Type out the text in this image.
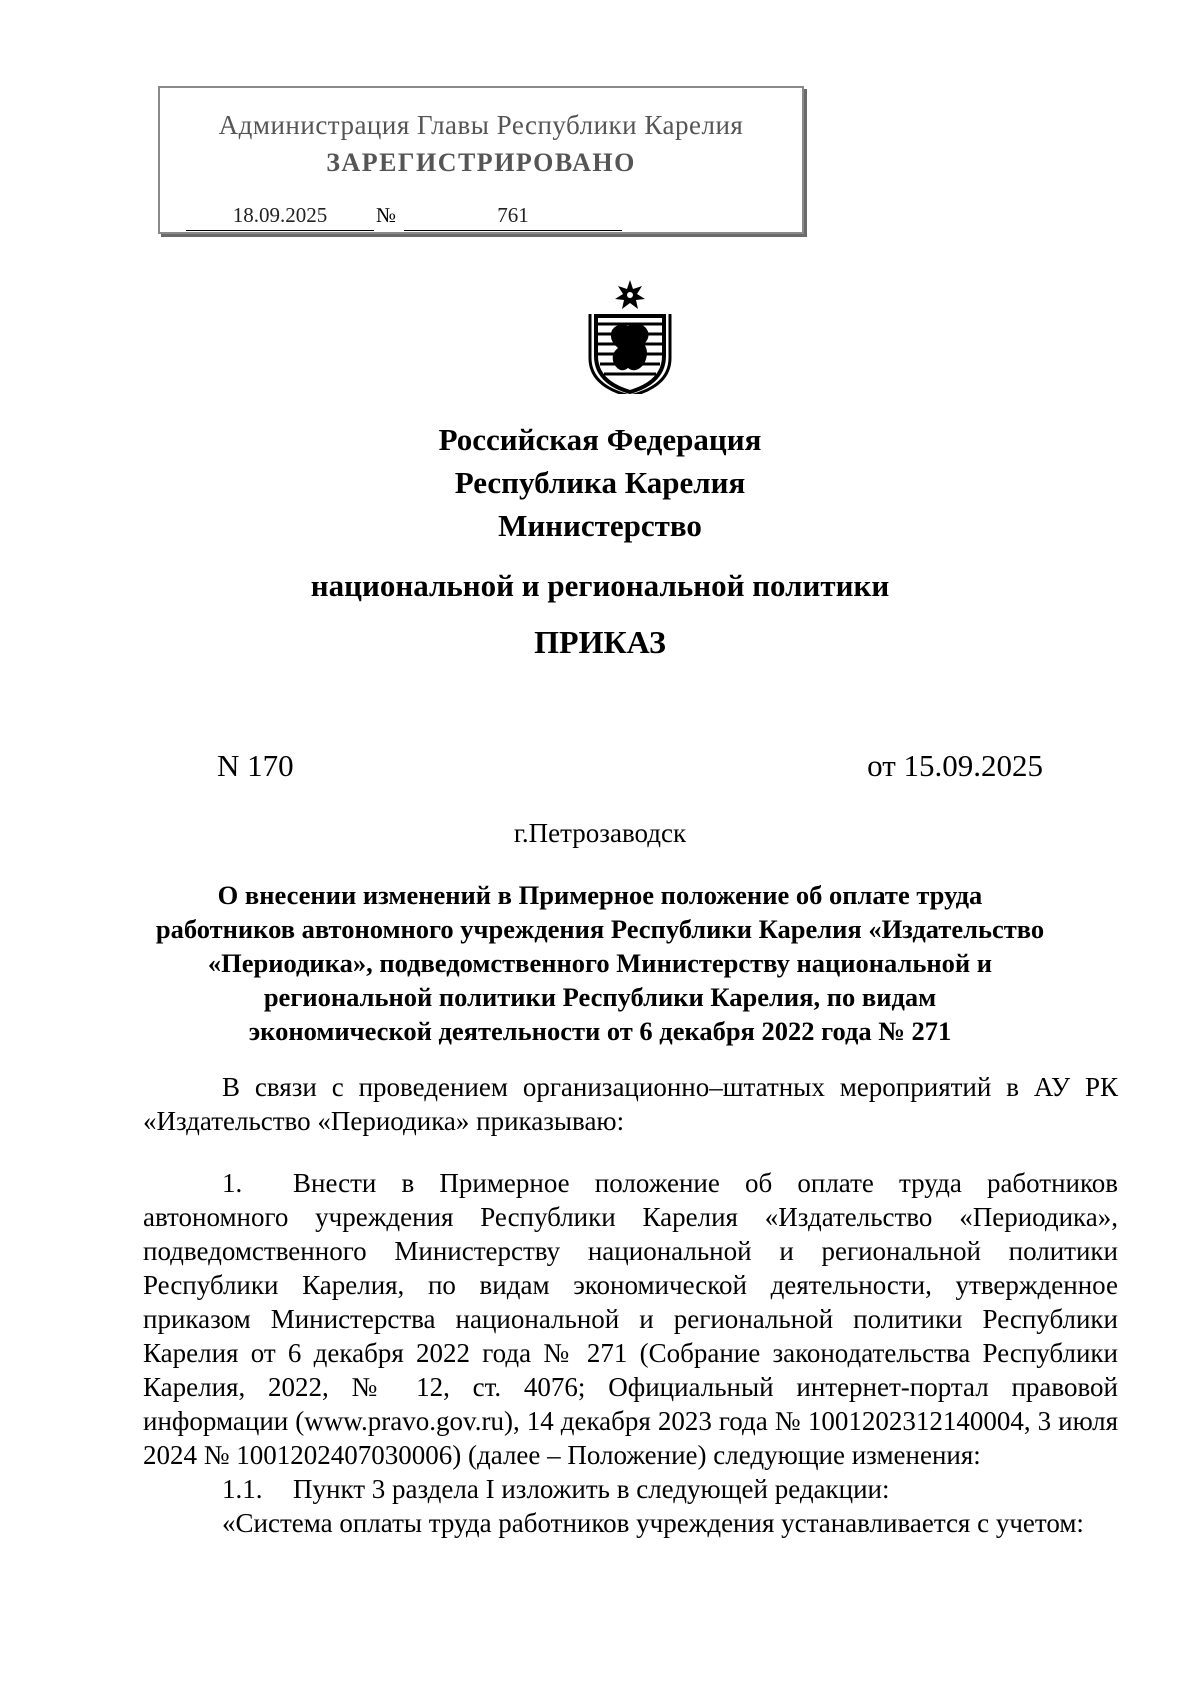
Администрация Главы Республики Карелия
ЗАРЕГИСТРИРОВАНО
18.09.2025	№	761
Российская Федерация
Республика Карелия
Министерство
национальной и региональной политики
ПРИКАЗ
N 170	от 15.09.2025
г.Петрозаводск
О внесении изменений в Примерное положение об оплате труда
работников автономного учреждения Республики Карелия «Издательство
«Периодика», подведомственного Министерству национальной и
региональной политики Республики Карелия, по видам
экономической деятельности от 6 декабря 2022 года № 271
В связи с проведением организационно–штатных мероприятий в АУ РК «Издательство «Периодика» приказываю:
1. Внести в Примерное положение об оплате труда работников автономного учреждения Республики Карелия «Издательство «Периодика», подведомственного Министерству национальной и региональной политики Республики Карелия, по видам экономической деятельности, утвержденное приказом Министерства национальной и региональной политики Республики Карелия от 6 декабря 2022 года № 271 (Собрание законодательства Республики Карелия, 2022, № 12, ст. 4076; Официальный интернет-портал правовой информации (www.pravo.gov.ru), 14 декабря 2023 года № 1001202312140004, 3 июля 2024 № 1001202407030006) (далее – Положение) следующие изменения:
1.1. Пункт 3 раздела I изложить в следующей редакции:
«Система оплаты труда работников учреждения устанавливается с учетом:
